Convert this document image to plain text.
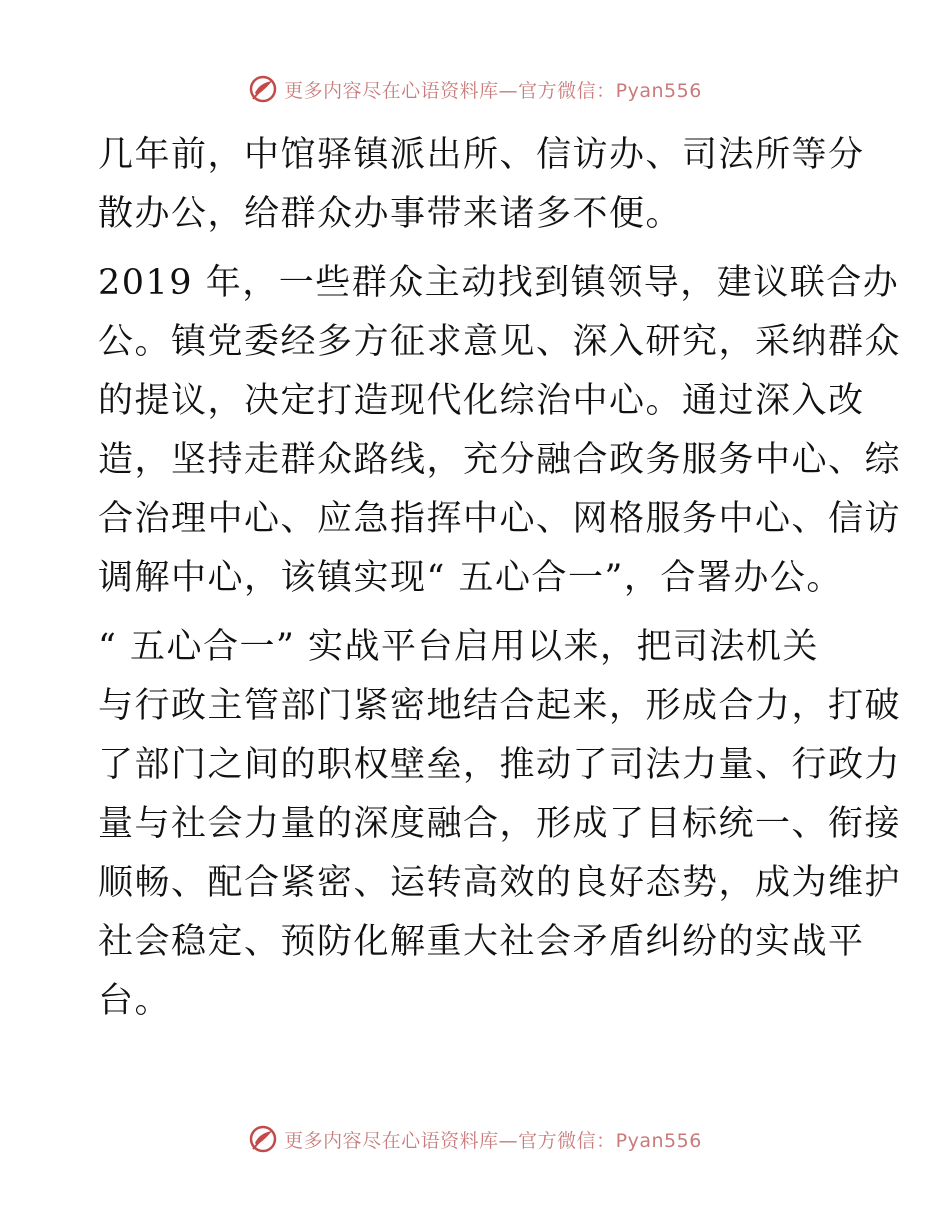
更多内容尽在心语资料库—官方微信：Pyan556

几年前，中馆驿镇派出所、信访办、司法所等分
散办公，给群众办事带来诸多不便。

2019 年，一些群众主动找到镇领导，建议联合办
公。镇党委经多方征求意见、深入研究，采纳群众
的提议，决定打造现代化综治中心。通过深入改
造，坚持走群众路线，充分融合政务服务中心、综
合治理中心、应急指挥中心、网格服务中心、信访
调解中心，该镇实现“ 五心合一”，合署办公。

“ 五心合一” 实战平台启用以来，把司法机关
与行政主管部门紧密地结合起来，形成合力，打破
了部门之间的职权壁垒，推动了司法力量、行政力
量与社会力量的深度融合，形成了目标统一、衔接
顺畅、配合紧密、运转高效的良好态势，成为维护
社会稳定、预防化解重大社会矛盾纠纷的实战平
台。

更多内容尽在心语资料库—官方微信：Pyan556
